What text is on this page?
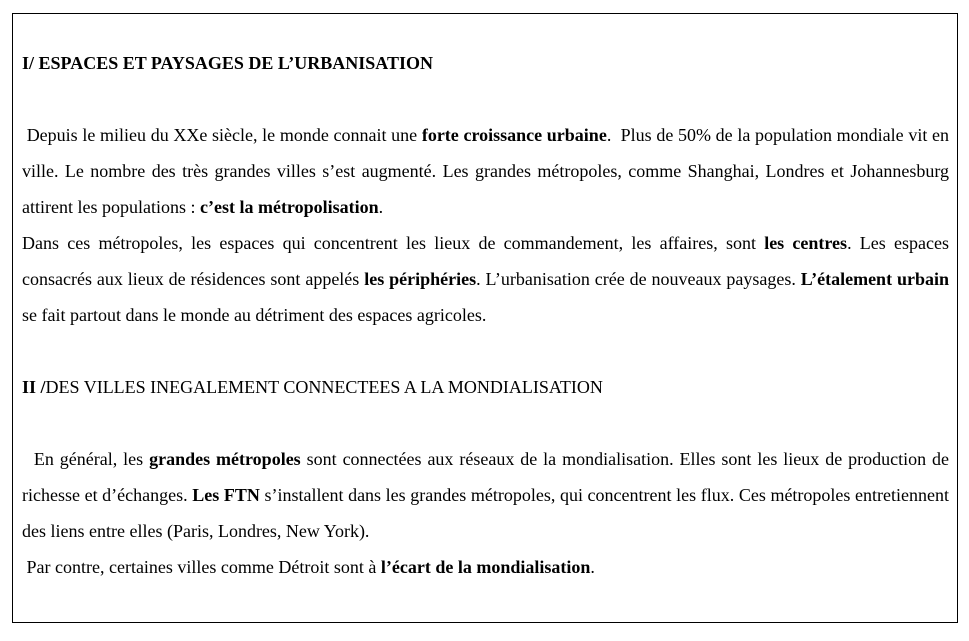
I/ ESPACES ET PAYSAGES DE L’URBANISATION

Depuis le milieu du XXe siècle, le monde connait une forte croissance urbaine.  Plus de 50% de la population mondiale vit en ville. Le nombre des très grandes villes s’est augmenté. Les grandes métropoles, comme Shanghai, Londres et Johannesburg attirent les populations : c’est la métropolisation.

Dans ces métropoles, les espaces qui concentrent les lieux de commandement, les affaires, sont les centres. Les espaces consacrés aux lieux de résidences sont appelés les périphéries. L’urbanisation crée de nouveaux paysages. L’étalement urbain se fait partout dans le monde au détriment des espaces agricoles.

II /DES VILLES INEGALEMENT CONNECTEES A LA MONDIALISATION

En général, les grandes métropoles sont connectées aux réseaux de la mondialisation. Elles sont les lieux de production de richesse et d’échanges. Les FTN s’installent dans les grandes métropoles, qui concentrent les flux. Ces métropoles entretiennent des liens entre elles (Paris, Londres, New York).

Par contre, certaines villes comme Détroit sont à l’écart de la mondialisation.
